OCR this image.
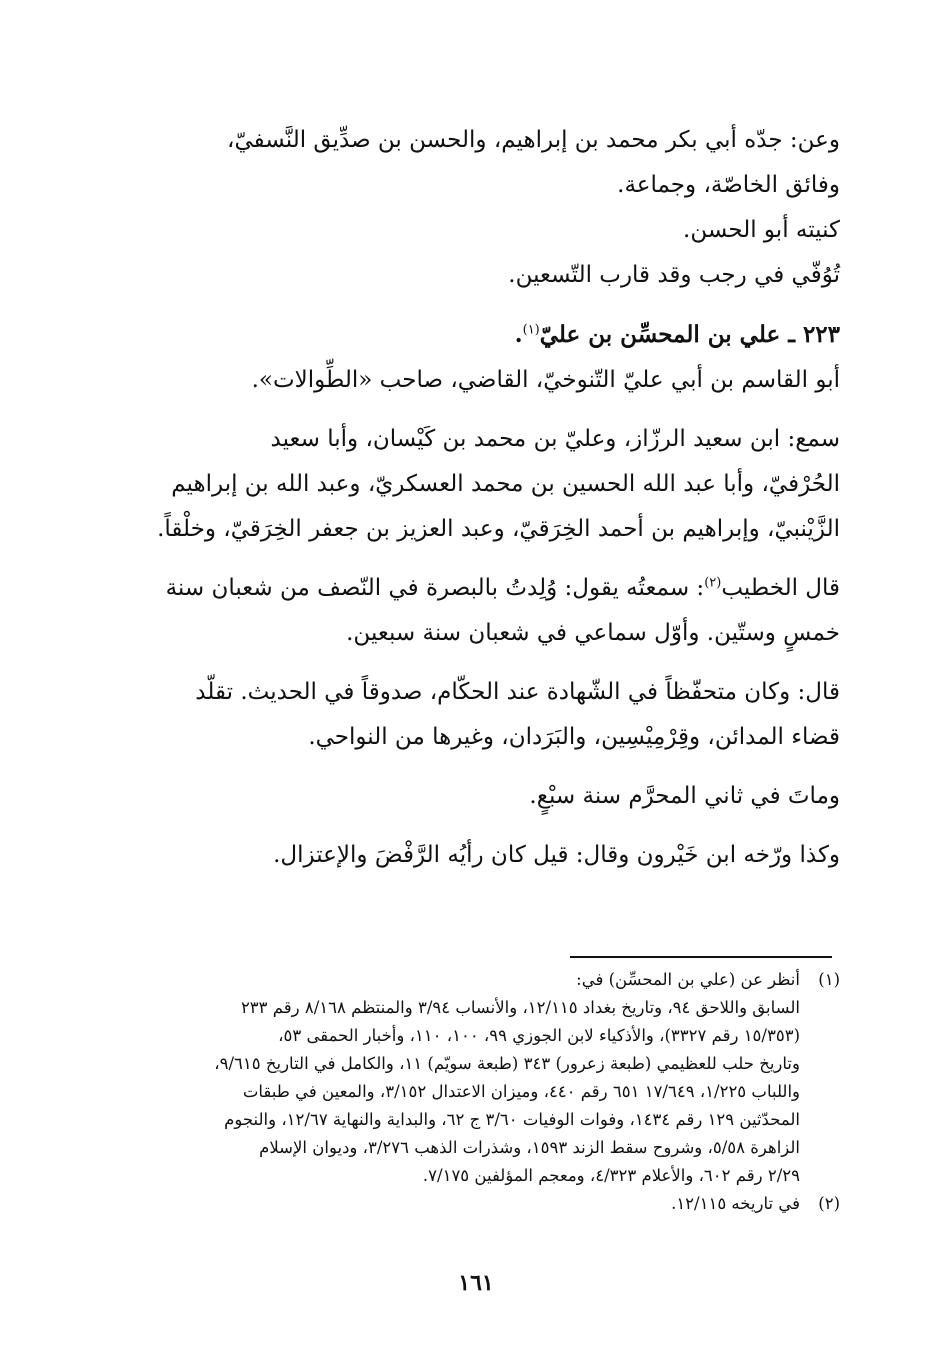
وعن: جدّه أبي بكر محمد بن إبراهيم، والحسن بن صدِّيق النَّسفيّ،

وفائق الخاصّة، وجماعة.

كنيته أبو الحسن.

تُوُفّي في رجب وقد قارب التّسعين.

٢٢٣ ـ علي بن المحسِّن بن عليّ$^{(١)}$.

أبو القاسم بن أبي عليّ التّنوخيّ، القاضي، صاحب «الطِّوالات».

سمع: ابن سعيد الرزّاز، وعليّ بن محمد بن كَيْسان، وأبا سعيد

الحُرْفيّ، وأبا عبد الله الحسين بن محمد العسكريّ، وعبد الله بن إبراهيم

الزَّيْنبيّ، وإبراهيم بن أحمد الخِرَقيّ، وعبد العزيز بن جعفر الخِرَقيّ، وخلْقاً.

قال الخطيب$^{(٢)}$: سمعتُه يقول: وُلِدتُ بالبصرة في النّصف من شعبان سنة

خمسٍ وستّين. وأوّل سماعي في شعبان سنة سبعين.

قال: وكان متحفّظاً في الشّهادة عند الحكّام، صدوقاً في الحديث. تقلّد

قضاء المدائن، وقِرْمِيْسِين، والبَرَدان، وغيرها من النواحي.

وماتَ في ثاني المحرَّم سنة سبْعٍ.

وكذا ورّخه ابن خَيْرون وقال: قيل كان رأيُه الرَّفْضَ والإعتزال.

(١)
أنظر عن (علي بن المحسِّن) في:
السابق واللاحق ٩٤، وتاريخ بغداد ١٢/١١٥، والأنساب ٣/٩٤ والمنتظم ٨/١٦٨ رقم ٢٣٣
(١٥/٣٥٣ رقم ٣٣٢٧)، والأذكياء لابن الجوزي ٩٩، ١٠٠، ١١٠، وأخبار الحمقى ٥٣،
وتاريخ حلب للعظيمي (طبعة زعرور) ٣٤٣ (طبعة سويّم) ١١، والكامل في التاريخ ٩/٦١٥،
واللباب ١/٢٢٥، ١٧/٦٤٩ ٦٥١ رقم ٤٤٠، وميزان الاعتدال ٣/١٥٢، والمعين في طبقات
المحدّثين ١٢٩ رقم ١٤٣٤، وفوات الوفيات ٣/٦٠ ج ٦٢، والبداية والنهاية ١٢/٦٧، والنجوم
الزاهرة ٥/٥٨، وشروح سقط الزند ١٥٩٣، وشذرات الذهب ٣/٢٧٦، وديوان الإسلام
٢/٢٩ رقم ٦٠٢، والأعلام ٤/٣٢٣، ومعجم المؤلفين ٧/١٧٥.
(٢)
في تاريخه ١٢/١١٥.
١٦١
